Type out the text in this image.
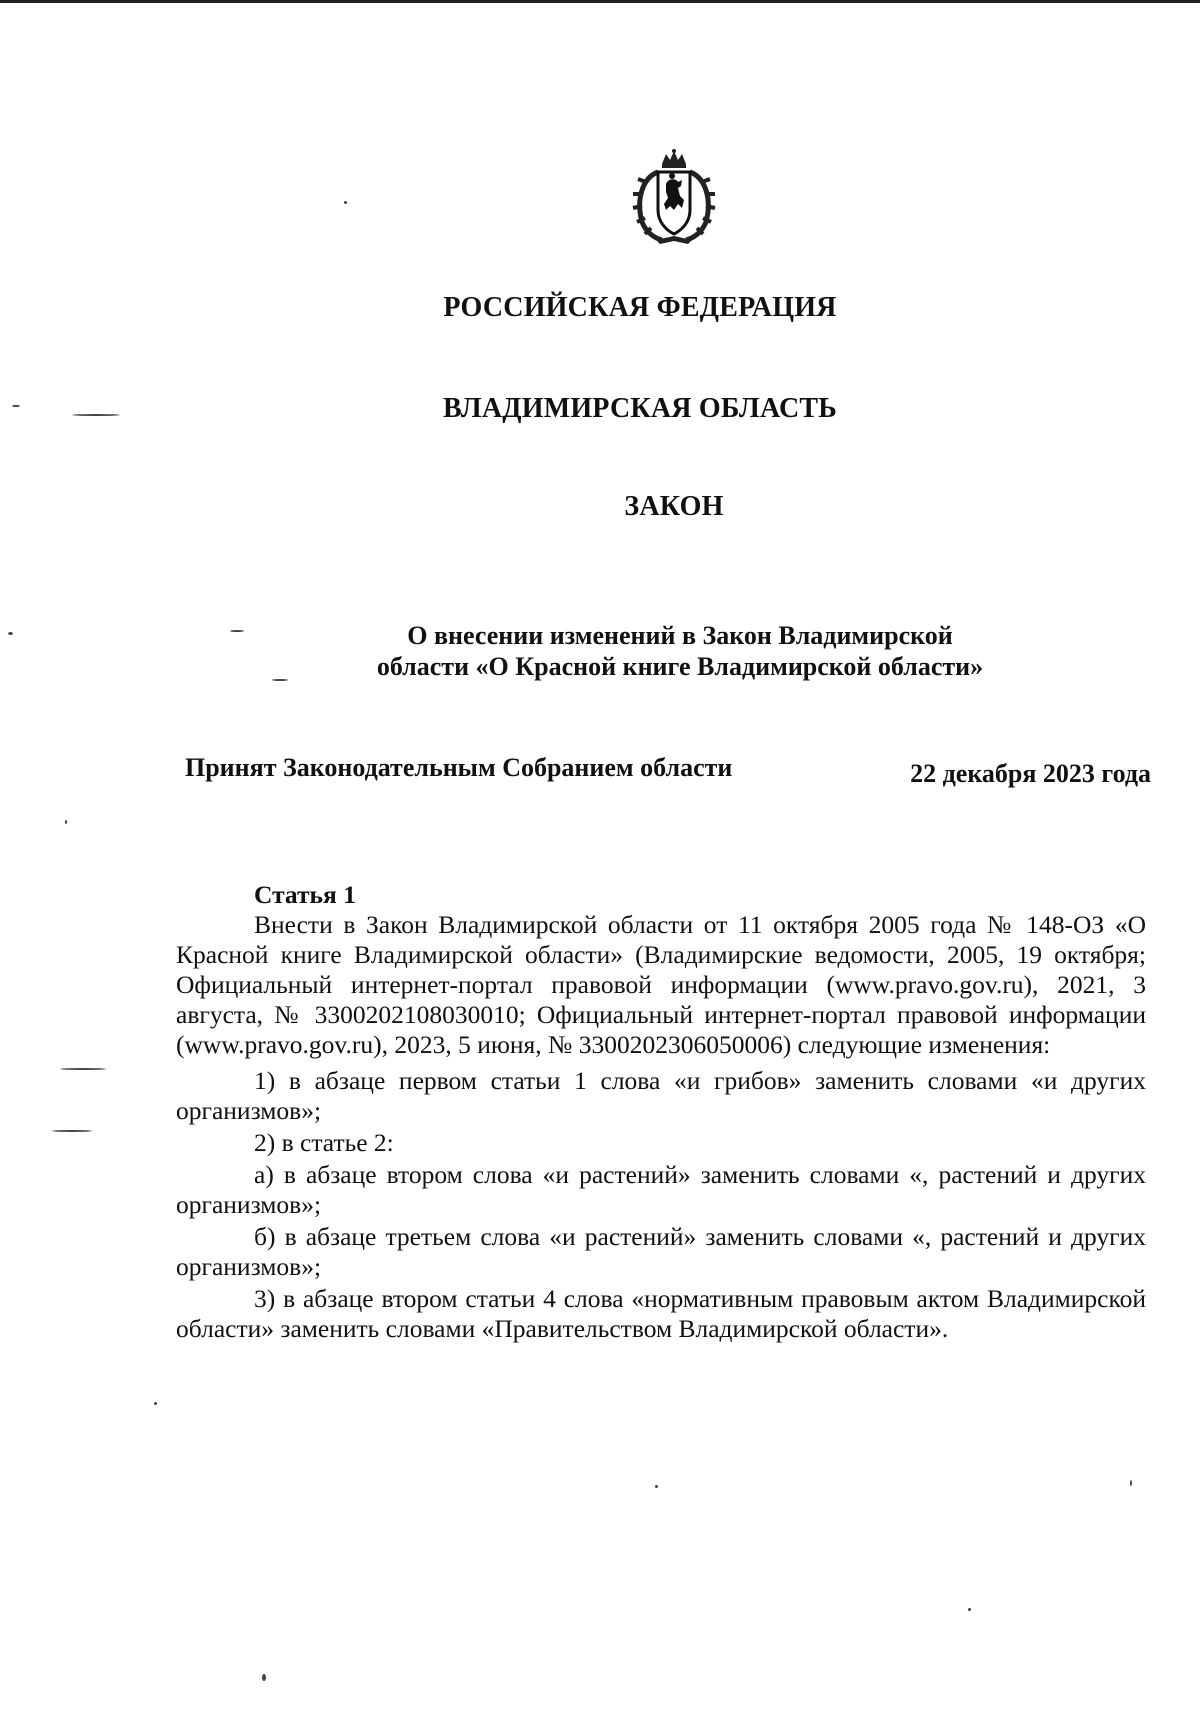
РОССИЙСКАЯ ФЕДЕРАЦИЯ
ВЛАДИМИРСКАЯ ОБЛАСТЬ
ЗАКОН
О внесении изменений в Закон Владимирской
области «О Красной книге Владимирской области»
Принят Законодательным Собранием области	22 декабря 2023 года
Статья 1

Внести в Закон Владимирской области от 11 октября 2005 года № 148-ОЗ «О Красной книге Владимирской области» (Владимирские ведомости, 2005, 19 октября; Официальный интернет-портал правовой информации (www.pravo.gov.ru), 2021, 3 августа, № 3300202108030010; Официальный интернет-портал правовой информации (www.pravo.gov.ru), 2023, 5 июня, № 3300202306050006) следующие изменения:

1) в абзаце первом статьи 1 слова «и грибов» заменить словами «и других организмов»;

2) в статье 2:

а) в абзаце втором слова «и растений» заменить словами «, растений и других организмов»;

б) в абзаце третьем слова «и растений» заменить словами «, растений и других организмов»;

3) в абзаце втором статьи 4 слова «нормативным правовым актом Владимирской области» заменить словами «Правительством Владимирской области».
